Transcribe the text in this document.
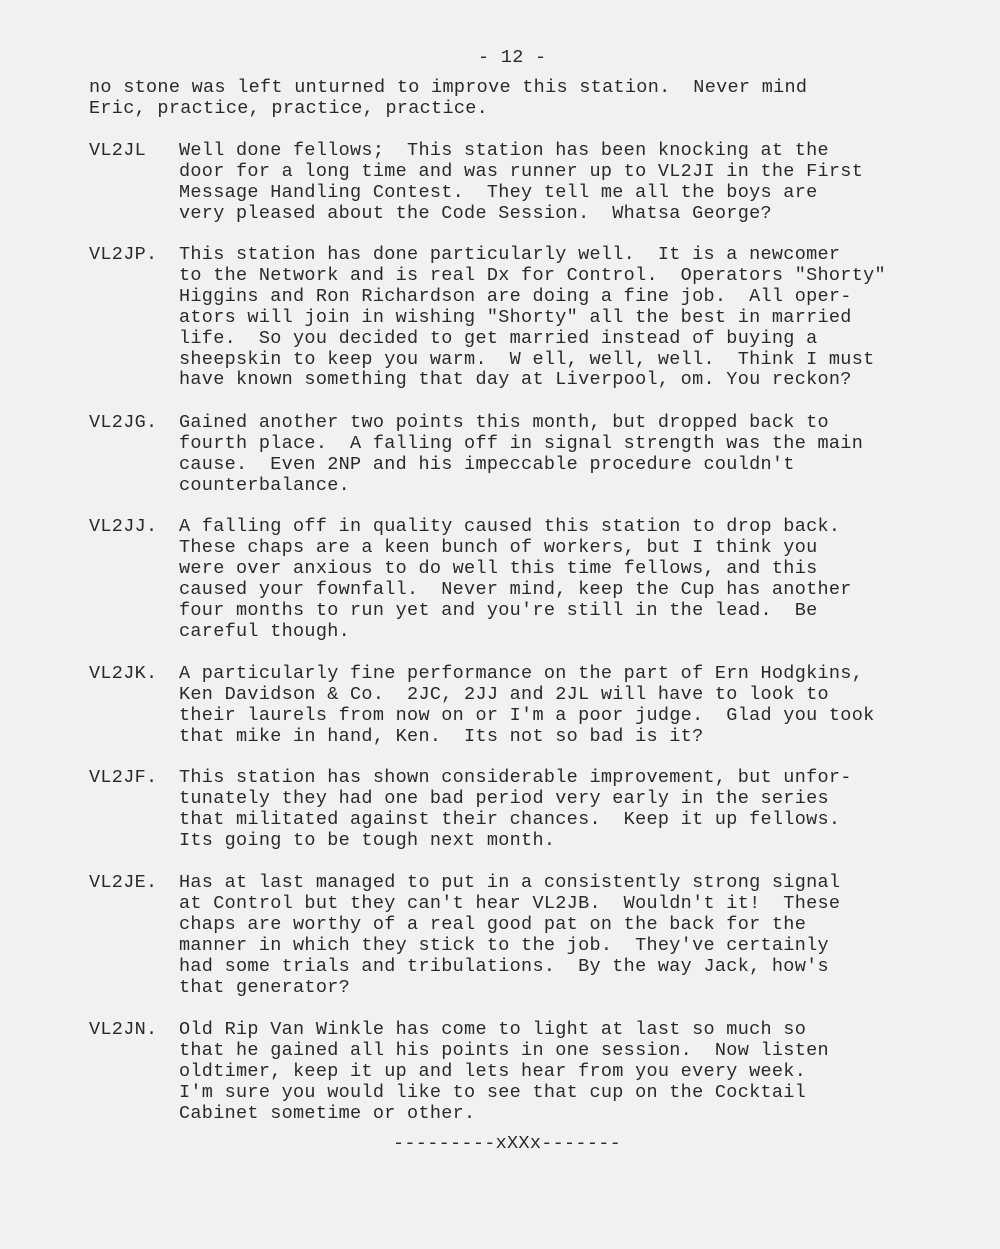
- 12 -
no stone was left unturned to improve this station.  Never mind
Eric, practice, practice, practice.
VL2JL Well done fellows;  This station has been knocking at the
door for a long time and was runner up to VL2JI in the First
Message Handling Contest.  They tell me all the boys are
very pleased about the Code Session.  Whatsa George?
VL2JP. This station has done particularly well.  It is a newcomer
to the Network and is real Dx for Control.  Operators "Shorty"
Higgins and Ron Richardson are doing a fine job.  All oper-
ators will join in wishing "Shorty" all the best in married
life.  So you decided to get married instead of buying a
sheepskin to keep you warm.  W ell, well, well.  Think I must
have known something that day at Liverpool, om. You reckon?
VL2JG. Gained another two points this month, but dropped back to
fourth place.  A falling off in signal strength was the main
cause.  Even 2NP and his impeccable procedure couldn't
counterbalance.
VL2JJ. A falling off in quality caused this station to drop back.
These chaps are a keen bunch of workers, but I think you
were over anxious to do well this time fellows, and this
caused your fownfall.  Never mind, keep the Cup has another
four months to run yet and you're still in the lead.  Be
careful though.
VL2JK. A particularly fine performance on the part of Ern Hodgkins,
Ken Davidson & Co.  2JC, 2JJ and 2JL will have to look to
their laurels from now on or I'm a poor judge.  Glad you took
that mike in hand, Ken.  Its not so bad is it?
VL2JF. This station has shown considerable improvement, but unfor-
tunately they had one bad period very early in the series
that militated against their chances.  Keep it up fellows.
Its going to be tough next month.
VL2JE. Has at last managed to put in a consistently strong signal
at Control but they can't hear VL2JB.  Wouldn't it!  These
chaps are worthy of a real good pat on the back for the
manner in which they stick to the job.  They've certainly
had some trials and tribulations.  By the way Jack, how's
that generator?
VL2JN. Old Rip Van Winkle has come to light at last so much so
that he gained all his points in one session.  Now listen
oldtimer, keep it up and lets hear from you every week.
I'm sure you would like to see that cup on the Cocktail
Cabinet sometime or other.
---------xXXx-------
